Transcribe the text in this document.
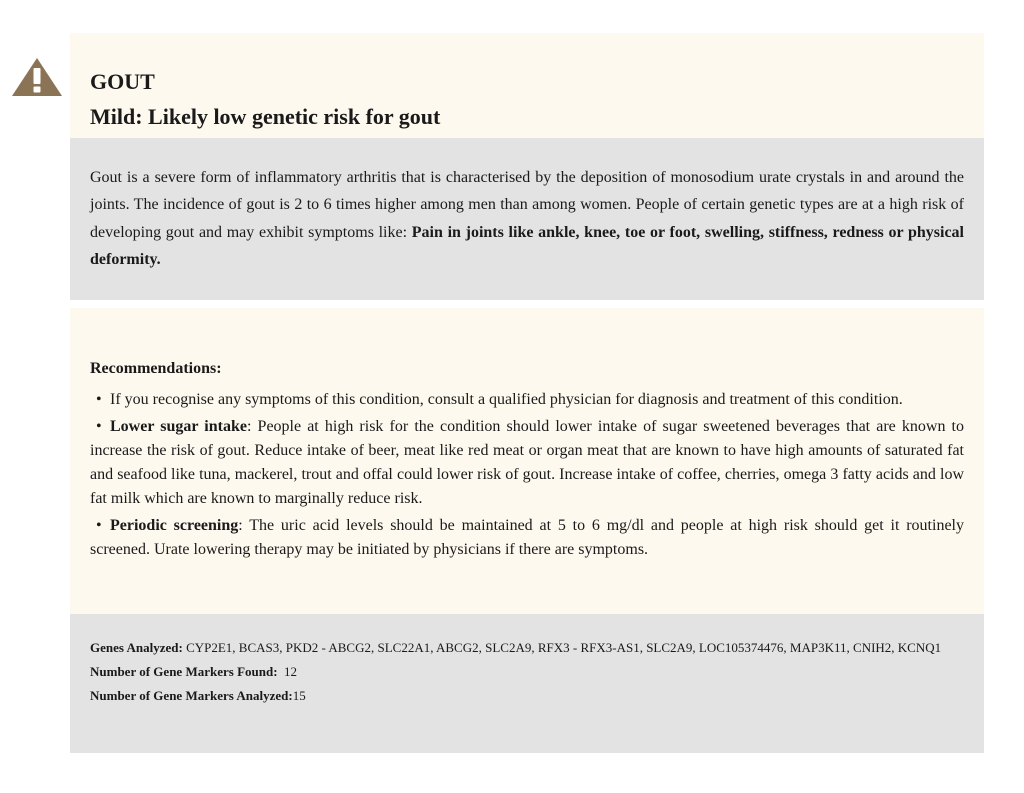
GOUT
Mild: Likely low genetic risk for gout
Gout is a severe form of inflammatory arthritis that is characterised by the deposition of monosodium urate crystals in and around the joints. The incidence of gout is 2 to 6 times higher among men than among women. People of certain genetic types are at a high risk of developing gout and may exhibit symptoms like: Pain in joints like ankle, knee, toe or foot, swelling, stiffness, redness or physical deformity.
Recommendations:
• If you recognise any symptoms of this condition, consult a qualified physician for diagnosis and treatment of this condition.
• Lower sugar intake: People at high risk for the condition should lower intake of sugar sweetened beverages that are known to increase the risk of gout. Reduce intake of beer, meat like red meat or organ meat that are known to have high amounts of saturated fat and seafood like tuna, mackerel, trout and offal could lower risk of gout. Increase intake of coffee, cherries, omega 3 fatty acids and low fat milk which are known to marginally reduce risk.
• Periodic screening: The uric acid levels should be maintained at 5 to 6 mg/dl and people at high risk should get it routinely screened. Urate lowering therapy may be initiated by physicians if there are symptoms.

Genes Analyzed: CYP2E1, BCAS3, PKD2 - ABCG2, SLC22A1, ABCG2, SLC2A9, RFX3 - RFX3-AS1, SLC2A9, LOC105374476, MAP3K11, CNIH2, KCNQ1

Number of Gene Markers Found:  12

Number of Gene Markers Analyzed:15
